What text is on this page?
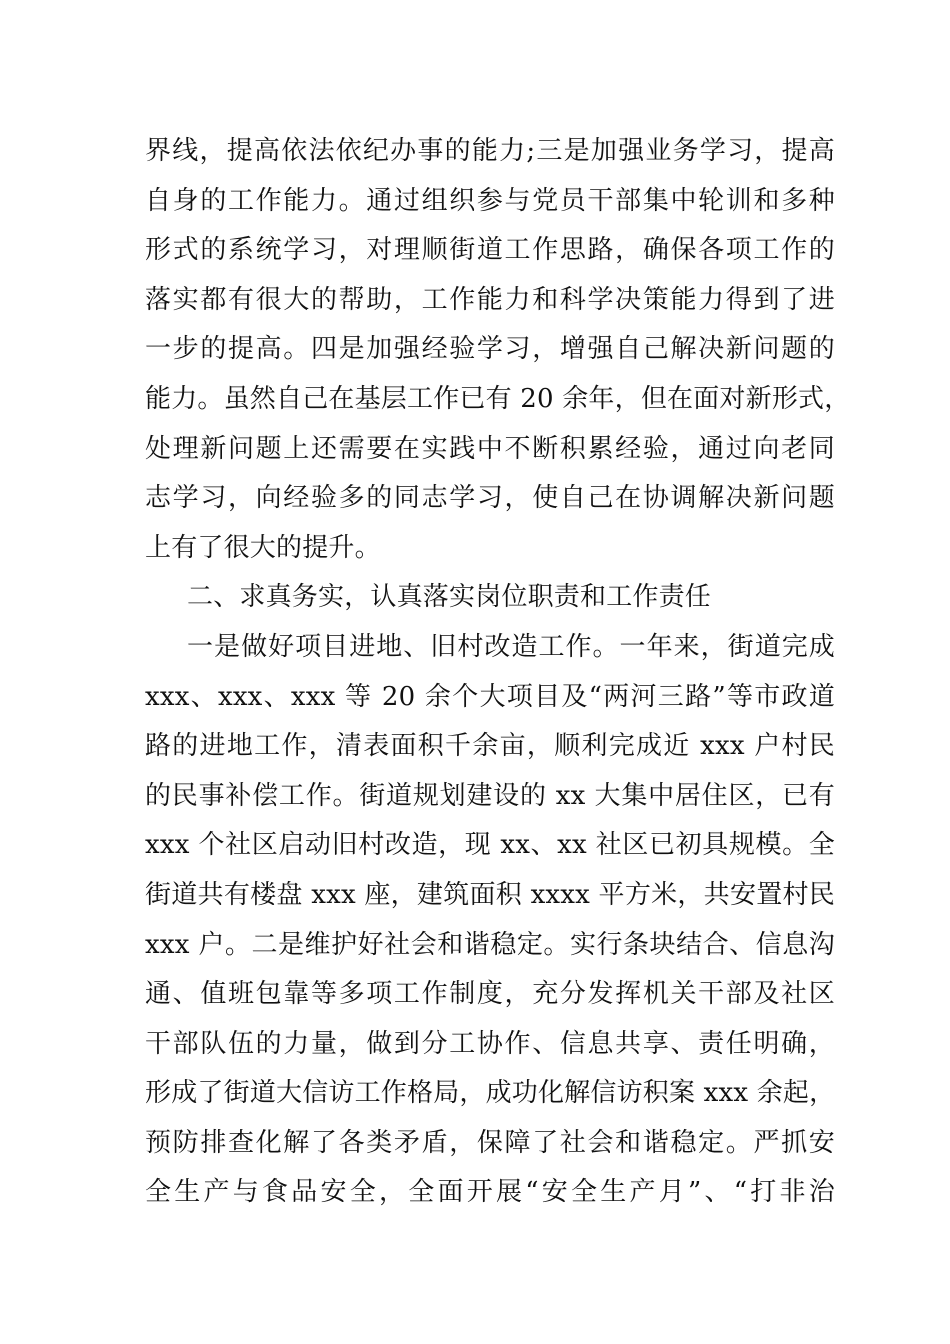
界线，提高依法依纪办事的能力;三是加强业务学习，提高
自身的工作能力。通过组织参与党员干部集中轮训和多种
形式的系统学习，对理顺街道工作思路，确保各项工作的
落实都有很大的帮助，工作能力和科学决策能力得到了进
一步的提高。四是加强经验学习，增强自己解决新问题的
能力。虽然自己在基层工作已有 20 余年，但在面对新形式，
处理新问题上还需要在实践中不断积累经验，通过向老同
志学习，向经验多的同志学习，使自己在协调解决新问题
上有了很大的提升。
二、求真务实，认真落实岗位职责和工作责任
一是做好项目进地、旧村改造工作。一年来，街道完成
xxx、xxx、xxx 等 20 余个大项目及“两河三路”等市政道
路的进地工作，清表面积千余亩，顺利完成近 xxx 户村民
的民事补偿工作。街道规划建设的 xx 大集中居住区，已有
xxx 个社区启动旧村改造，现 xx、xx 社区已初具规模。全
街道共有楼盘 xxx 座，建筑面积 xxxx 平方米，共安置村民
xxx 户。二是维护好社会和谐稳定。实行条块结合、信息沟
通、值班包靠等多项工作制度，充分发挥机关干部及社区
干部队伍的力量，做到分工协作、信息共享、责任明确，
形成了街道大信访工作格局，成功化解信访积案 xxx 余起，
预防排查化解了各类矛盾，保障了社会和谐稳定。严抓安
全生产与食品安全，全面开展“安全生产月”、“打非治
